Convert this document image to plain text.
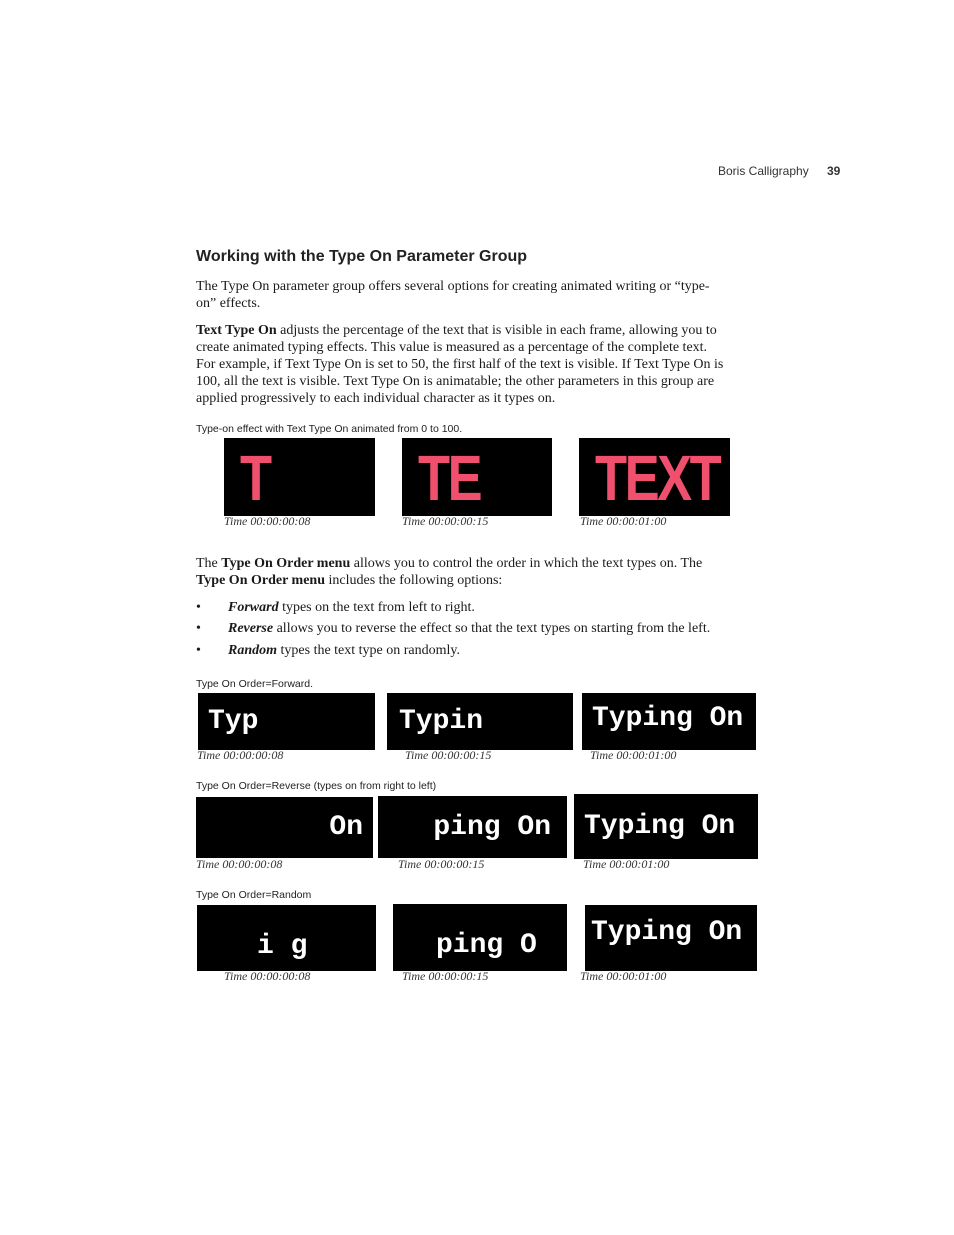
Boris Calligraphy 39
Working with the Type On Parameter Group
The Type On parameter group offers several options for creating animated writing or “type-
on” effects.
Text Type On adjusts the percentage of the text that is visible in each frame, allowing you to
create animated typing effects. This value is measured as a percentage of the complete text.
For example, if Text Type On is set to 50, the first half of the text is visible. If Text Type On is
100, all the text is visible. Text Type On is animatable; the other parameters in this group are
applied progressively to each individual character as it types on.
Type-on effect with Text Type On animated from 0 to 100.
T
Time 00:00:00:08
TE
Time 00:00:00:15
TEXT
Time 00:00:01:00
The Type On Order menu allows you to control the order in which the text types on. The
Type On Order menu includes the following options:
• Forward types on the text from left to right.
• Reverse allows you to reverse the effect so that the text types on starting from the left.
• Random types the text type on randomly.
Type On Order=Forward.
Typ
Time 00:00:00:08
Typin
Time 00:00:00:15
Typing On
Time 00:00:01:00
Type On Order=Reverse (types on from right to left)
On
Time 00:00:00:08
ping On
Time 00:00:00:15
Typing On
Time 00:00:01:00
Type On Order=Random
i g
Time 00:00:00:08
ping O
Time 00:00:00:15
Typing On
Time 00:00:01:00
